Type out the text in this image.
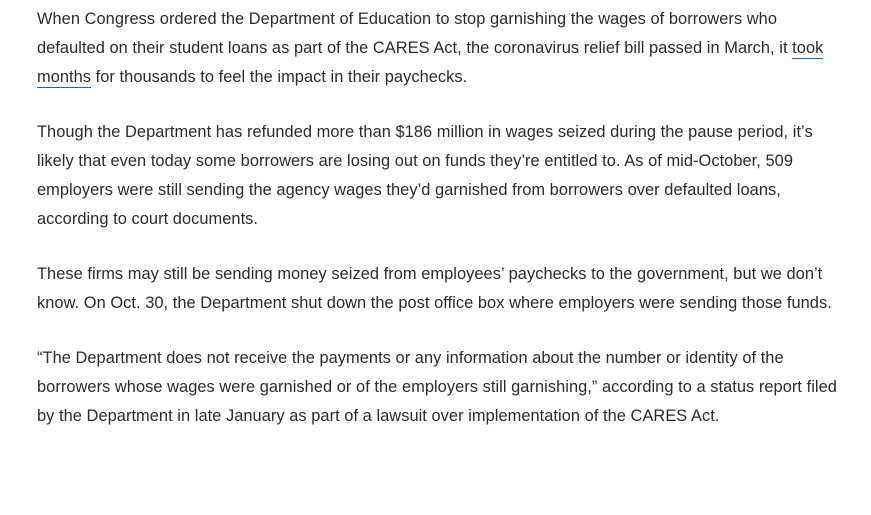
When Congress ordered the Department of Education to stop garnishing the wages of borrowers who defaulted on their student loans as part of the CARES Act, the coronavirus relief bill passed in March, it took months for thousands to feel the impact in their paychecks.

Though the Department has refunded more than $186 million in wages seized during the pause period, it’s likely that even today some borrowers are losing out on funds they’re entitled to. As of mid-October, 509 employers were still sending the agency wages they’d garnished from borrowers over defaulted loans, according to court documents.

These firms may still be sending money seized from employees’ paychecks to the government, but we don’t know. On Oct. 30, the Department shut down the post office box where employers were sending those funds.

“The Department does not receive the payments or any information about the number or identity of the borrowers whose wages were garnished or of the employers still garnishing,” according to a status report filed by the Department in late January as part of a lawsuit over implementation of the CARES Act.
